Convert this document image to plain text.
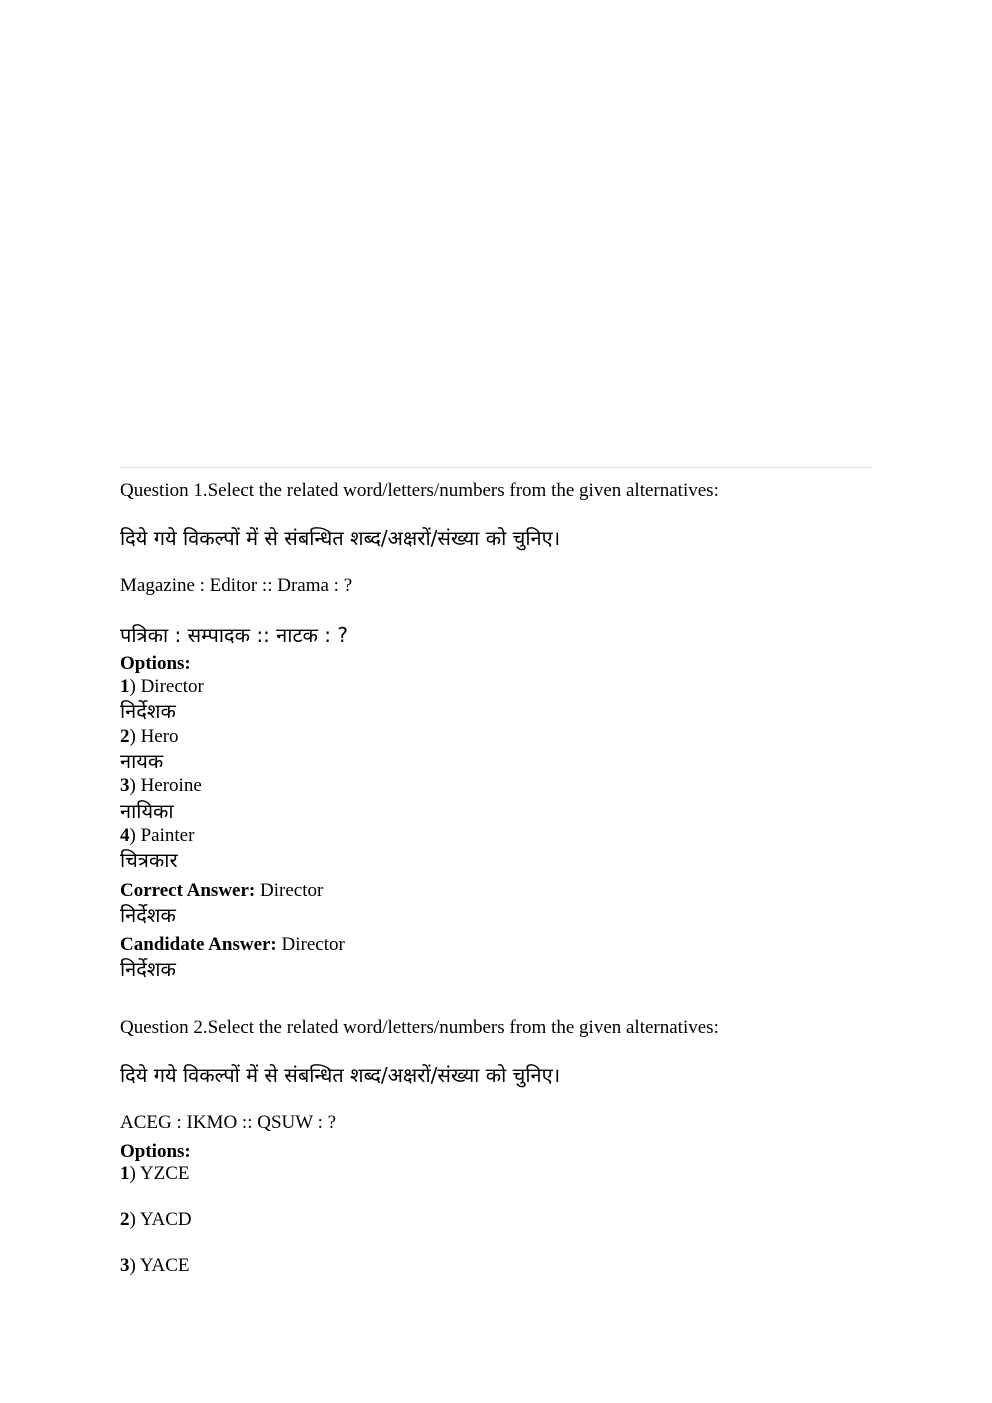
Question 1.Select the related word/letters/numbers from the given alternatives:
दिये गये विकल्पों में से संबन्धित शब्द/अक्षरों/संख्या को चुनिए।
Magazine : Editor :: Drama : ?
पत्रिका : सम्पादक :: नाटक : ?
Options:
1) Director
निर्देशक
2) Hero
नायक
3) Heroine
नायिका
4) Painter
चित्रकार
Correct Answer: Director
निर्देशक
Candidate Answer: Director
निर्देशक
Question 2.Select the related word/letters/numbers from the given alternatives:
दिये गये विकल्पों में से संबन्धित शब्द/अक्षरों/संख्या को चुनिए।
ACEG : IKMO :: QSUW : ?
Options:
1) YZCE
2) YACD
3) YACE
